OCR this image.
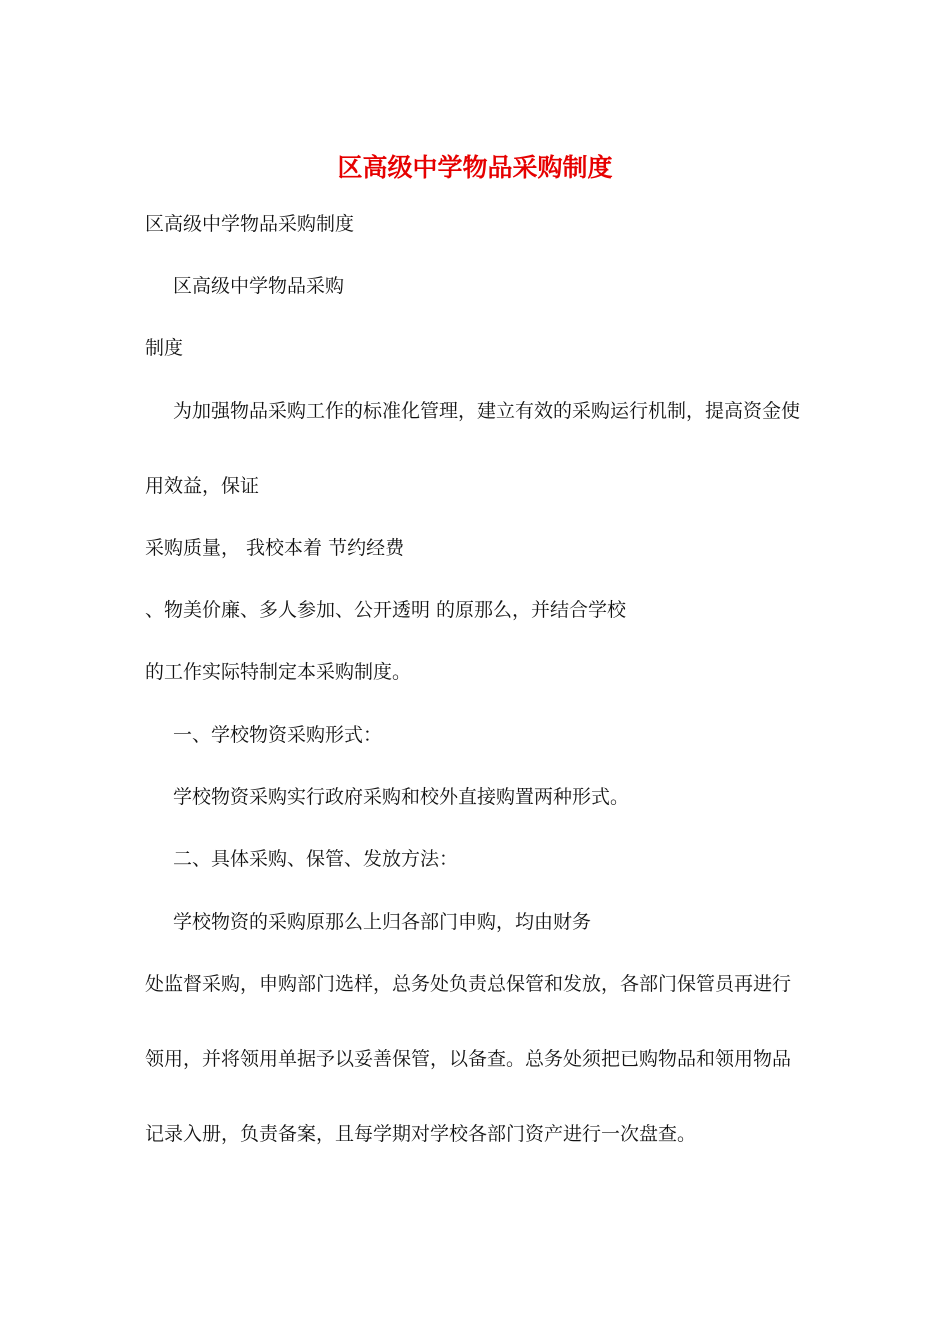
区高级中学物品采购制度
区高级中学物品采购制度
区高级中学物品采购
制度
为加强物品采购工作的标准化管理，建立有效的采购运行机制，提高资金使
用效益，保证
采购质量， 我校本着 节约经费
、物美价廉、多人参加、公开透明 的原那么，并结合学校
的工作实际特制定本采购制度。
一、学校物资采购形式：
学校物资采购实行政府采购和校外直接购置两种形式。
二、具体采购、保管、发放方法：
学校物资的采购原那么上归各部门申购，均由财务
处监督采购，申购部门选样，总务处负责总保管和发放，各部门保管员再进行
领用，并将领用单据予以妥善保管，以备查。总务处须把已购物品和领用物品
记录入册，负责备案，且每学期对学校各部门资产进行一次盘查。
